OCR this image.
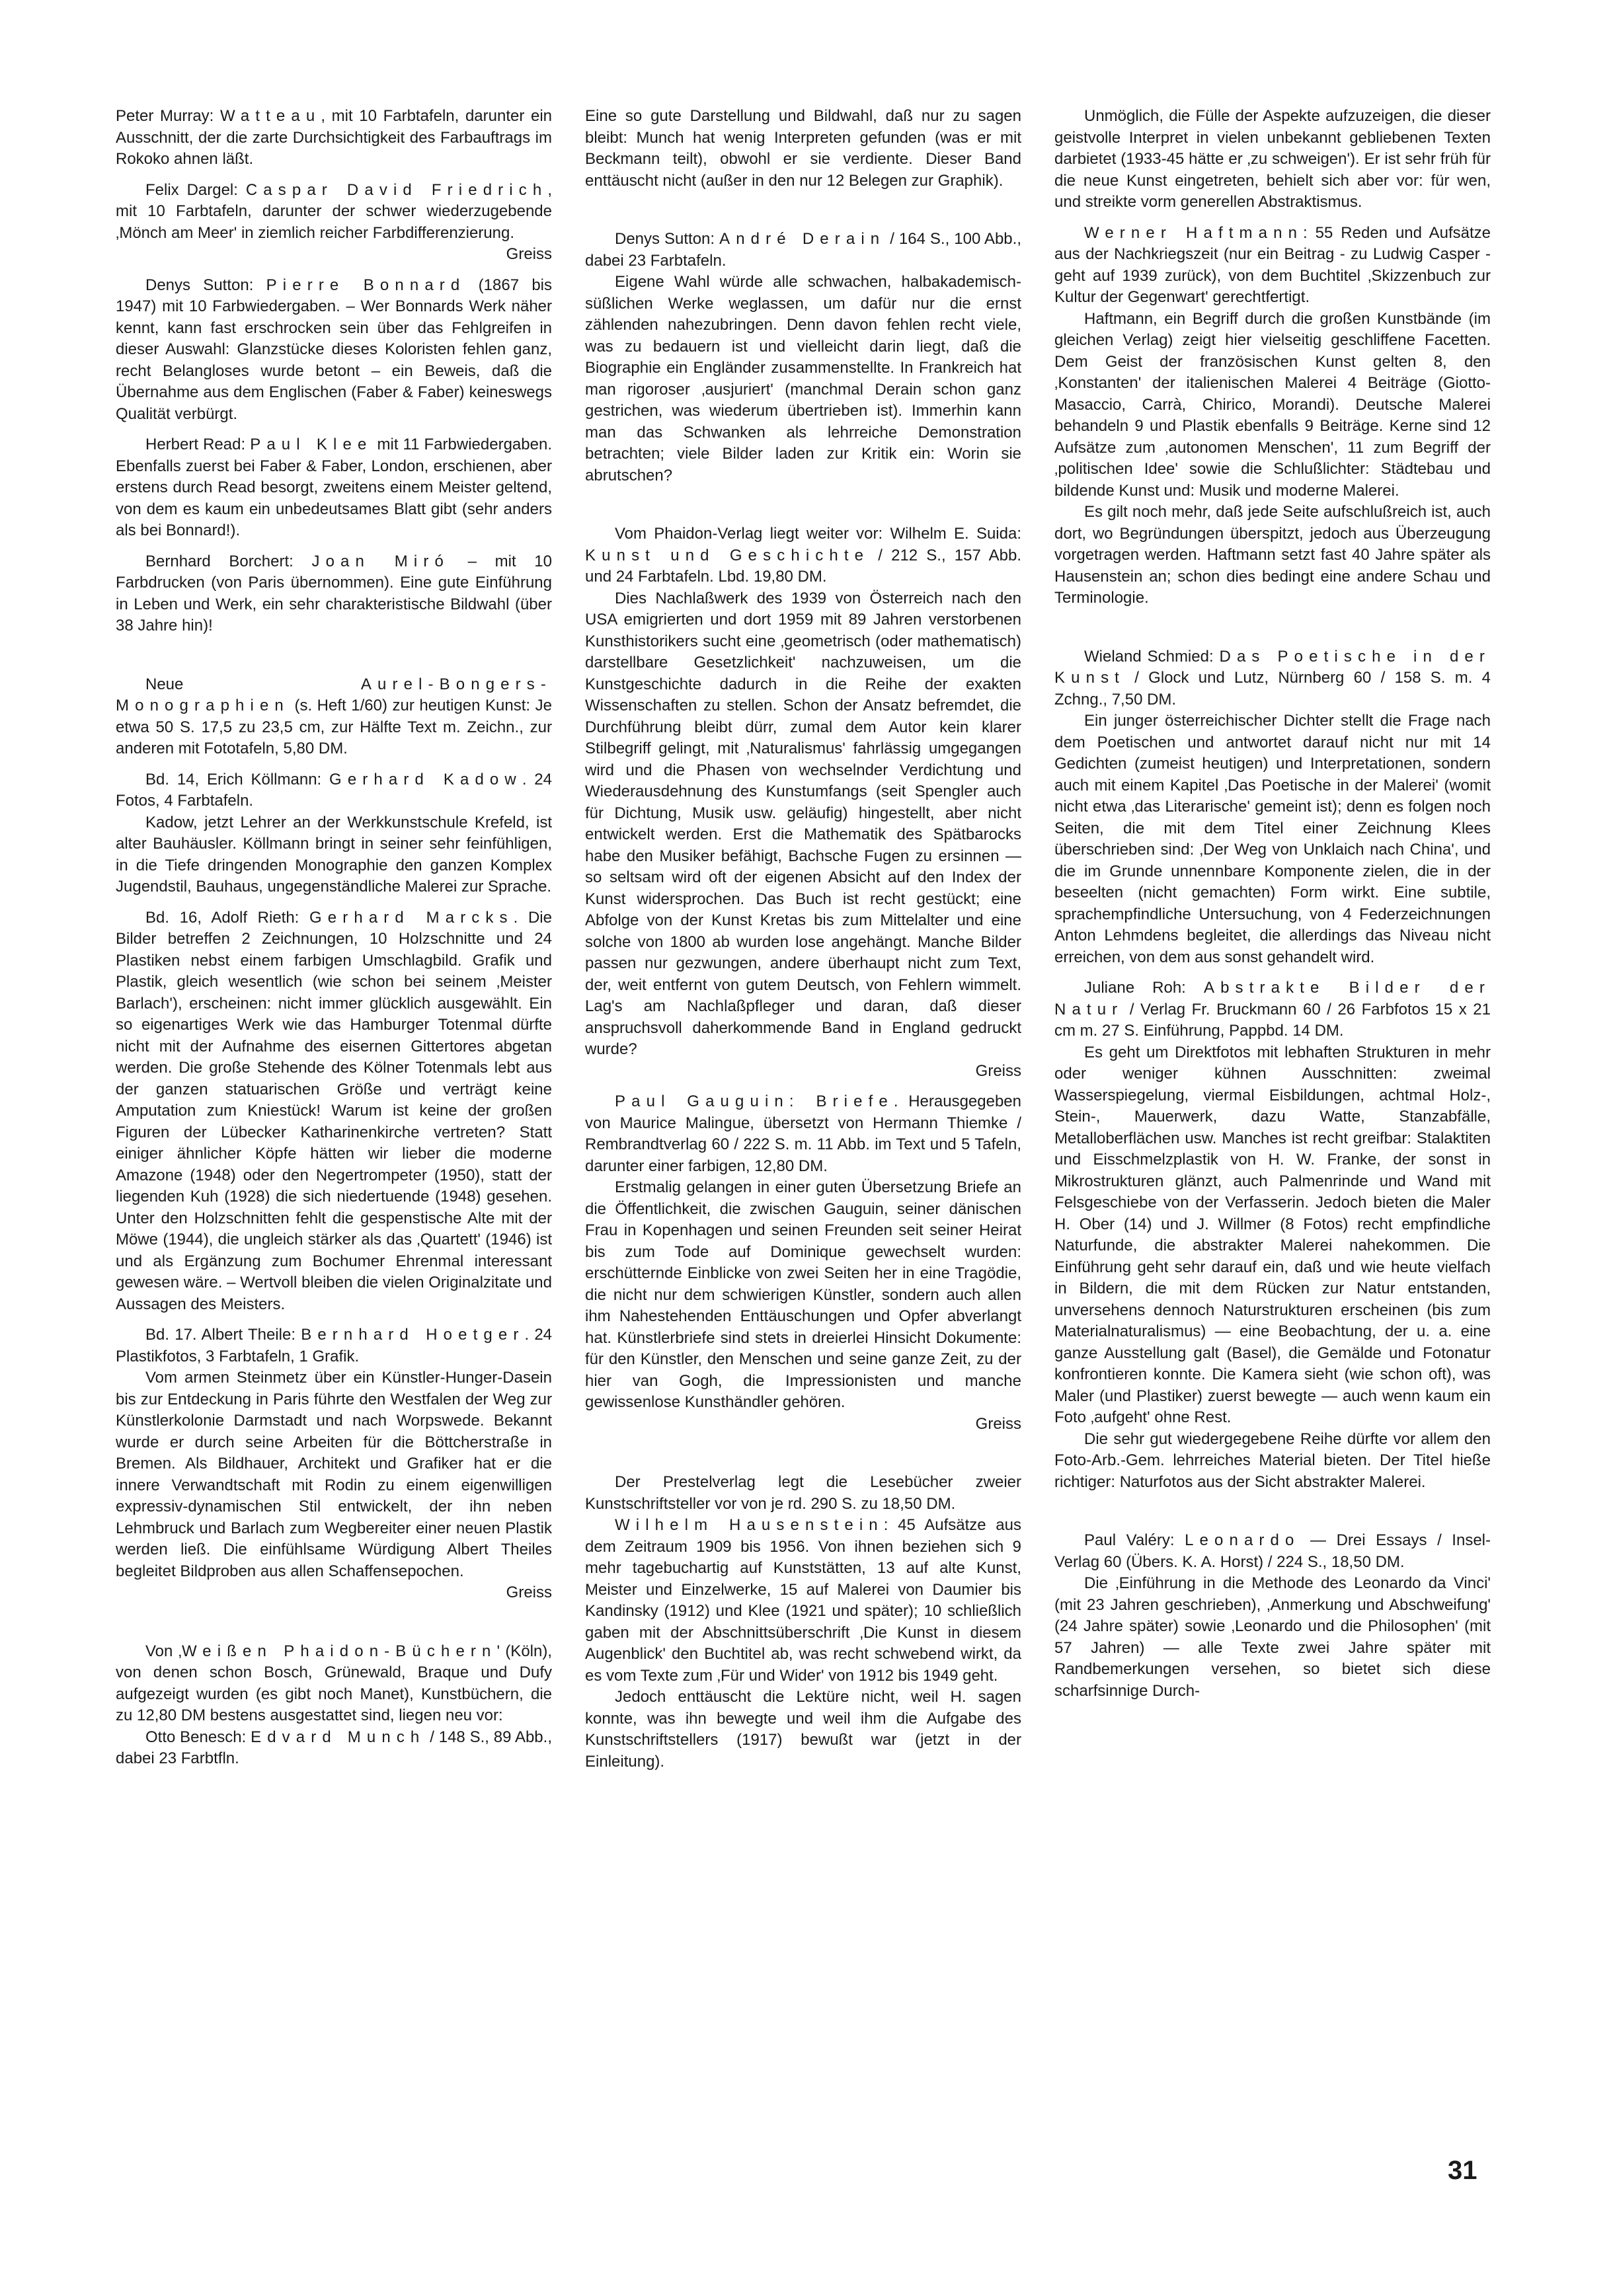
Peter Murray: Watteau, mit 10 Farbtafeln, darunter ein Ausschnitt, der die zarte Durchsichtigkeit des Farbauftrags im Rokoko ahnen läßt.

Felix Dargel: Caspar David Friedrich, mit 10 Farbtafeln, darunter der schwer wiederzugebende ‚Mönch am Meer' in ziemlich reicher Farbdifferenzierung.

Greiss

Denys Sutton: Pierre Bonnard (1867 bis 1947) mit 10 Farbwiedergaben. – Wer Bonnards Werk näher kennt, kann fast erschrocken sein über das Fehlgreifen in dieser Auswahl: Glanzstücke dieses Koloristen fehlen ganz, recht Belangloses wurde betont – ein Beweis, daß die Übernahme aus dem Englischen (Faber & Faber) keineswegs Qualität verbürgt.

Herbert Read: Paul Klee mit 11 Farbwiedergaben. Ebenfalls zuerst bei Faber & Faber, London, erschienen, aber erstens durch Read besorgt, zweitens einem Meister geltend, von dem es kaum ein unbedeutsames Blatt gibt (sehr anders als bei Bonnard!).

Bernhard Borchert: Joan Miró – mit 10 Farbdrucken (von Paris übernommen). Eine gute Einführung in Leben und Werk, ein sehr charakteristische Bildwahl (über 38 Jahre hin)!

Neue Aurel-Bongers-Monographien (s. Heft 1/60) zur heutigen Kunst: Je etwa 50 S. 17,5 zu 23,5 cm, zur Hälfte Text m. Zeichn., zur anderen mit Fototafeln, 5,80 DM.

Bd. 14, Erich Köllmann: Gerhard Kadow. 24 Fotos, 4 Farbtafeln.

Kadow, jetzt Lehrer an der Werkkunstschule Krefeld, ist alter Bauhäusler. Köllmann bringt in seiner sehr feinfühligen, in die Tiefe dringenden Monographie den ganzen Komplex Jugendstil, Bauhaus, ungegenständliche Malerei zur Sprache.

Bd. 16, Adolf Rieth: Gerhard Marcks. Die Bilder betreffen 2 Zeichnungen, 10 Holzschnitte und 24 Plastiken nebst einem farbigen Umschlagbild. Grafik und Plastik, gleich wesentlich (wie schon bei seinem ‚Meister Barlach'), erscheinen: nicht immer glücklich ausgewählt. Ein so eigenartiges Werk wie das Hamburger Totenmal dürfte nicht mit der Aufnahme des eisernen Gittertores abgetan werden. Die große Stehende des Kölner Totenmals lebt aus der ganzen statuarischen Größe und verträgt keine Amputation zum Kniestück! Warum ist keine der großen Figuren der Lübecker Katharinenkirche vertreten? Statt einiger ähnlicher Köpfe hätten wir lieber die moderne Amazone (1948) oder den Negertrompeter (1950), statt der liegenden Kuh (1928) die sich niedertuende (1948) gesehen. Unter den Holzschnitten fehlt die gespenstische Alte mit der Möwe (1944), die ungleich stärker als das ‚Quartett' (1946) ist und als Ergänzung zum Bochumer Ehrenmal interessant gewesen wäre. – Wertvoll bleiben die vielen Originalzitate und Aussagen des Meisters.

Bd. 17. Albert Theile: Bernhard Hoetger. 24 Plastikfotos, 3 Farbtafeln, 1 Grafik.

Vom armen Steinmetz über ein Künstler-Hunger-Dasein bis zur Entdeckung in Paris führte den Westfalen der Weg zur Künstlerkolonie Darmstadt und nach Worpswede. Bekannt wurde er durch seine Arbeiten für die Böttcherstraße in Bremen. Als Bildhauer, Architekt und Grafiker hat er die innere Verwandtschaft mit Rodin zu einem eigenwilligen expressiv-dynamischen Stil entwickelt, der ihn neben Lehmbruck und Barlach zum Wegbereiter einer neuen Plastik werden ließ. Die einfühlsame Würdigung Albert Theiles begleitet Bildproben aus allen Schaffensepochen.

Greiss

Von ‚Weißen Phaidon-Büchern' (Köln), von denen schon Bosch, Grünewald, Braque und Dufy aufgezeigt wurden (es gibt noch Manet), Kunstbüchern, die zu 12,80 DM bestens ausgestattet sind, liegen neu vor:

Otto Benesch: Edvard Munch / 148 S., 89 Abb., dabei 23 Farbtfln.

Eine so gute Darstellung und Bildwahl, daß nur zu sagen bleibt: Munch hat wenig Interpreten gefunden (was er mit Beckmann teilt), obwohl er sie verdiente. Dieser Band enttäuscht nicht (außer in den nur 12 Belegen zur Graphik).

Denys Sutton: André Derain / 164 S., 100 Abb., dabei 23 Farbtafeln.

Eigene Wahl würde alle schwachen, halbakademisch-süßlichen Werke weglassen, um dafür nur die ernst zählenden nahezubringen. Denn davon fehlen recht viele, was zu bedauern ist und vielleicht darin liegt, daß die Biographie ein Engländer zusammenstellte. In Frankreich hat man rigoroser ‚ausjuriert' (manchmal Derain schon ganz gestrichen, was wiederum übertrieben ist). Immerhin kann man das Schwanken als lehrreiche Demonstration betrachten; viele Bilder laden zur Kritik ein: Worin sie abrutschen?

Vom Phaidon-Verlag liegt weiter vor: Wilhelm E. Suida: Kunst und Geschichte / 212 S., 157 Abb. und 24 Farbtafeln. Lbd. 19,80 DM.

Dies Nachlaßwerk des 1939 von Österreich nach den USA emigrierten und dort 1959 mit 89 Jahren verstorbenen Kunsthistorikers sucht eine ‚geometrisch (oder mathematisch) darstellbare Gesetzlichkeit' nachzuweisen, um die Kunstgeschichte dadurch in die Reihe der exakten Wissenschaften zu stellen. Schon der Ansatz befremdet, die Durchführung bleibt dürr, zumal dem Autor kein klarer Stilbegriff gelingt, mit ‚Naturalismus' fahrlässig umgegangen wird und die Phasen von wechselnder Verdichtung und Wiederausdehnung des Kunstumfangs (seit Spengler auch für Dichtung, Musik usw. geläufig) hingestellt, aber nicht entwickelt werden. Erst die Mathematik des Spätbarocks habe den Musiker befähigt, Bachsche Fugen zu ersinnen — so seltsam wird oft der eigenen Absicht auf den Index der Kunst widersprochen. Das Buch ist recht gestückt; eine Abfolge von der Kunst Kretas bis zum Mittelalter und eine solche von 1800 ab wurden lose angehängt. Manche Bilder passen nur gezwungen, andere überhaupt nicht zum Text, der, weit entfernt von gutem Deutsch, von Fehlern wimmelt. Lag's am Nachlaßpfleger und daran, daß dieser anspruchsvoll daherkommende Band in England gedruckt wurde?

Greiss

Paul Gauguin: Briefe. Herausgegeben von Maurice Malingue, übersetzt von Hermann Thiemke / Rembrandtverlag 60 / 222 S. m. 11 Abb. im Text und 5 Tafeln, darunter einer farbigen, 12,80 DM.

Erstmalig gelangen in einer guten Übersetzung Briefe an die Öffentlichkeit, die zwischen Gauguin, seiner dänischen Frau in Kopenhagen und seinen Freunden seit seiner Heirat bis zum Tode auf Dominique gewechselt wurden: erschütternde Einblicke von zwei Seiten her in eine Tragödie, die nicht nur dem schwierigen Künstler, sondern auch allen ihm Nahestehenden Enttäuschungen und Opfer abverlangt hat. Künstlerbriefe sind stets in dreierlei Hinsicht Dokumente: für den Künstler, den Menschen und seine ganze Zeit, zu der hier van Gogh, die Impressionisten und manche gewissenlose Kunsthändler gehören.

Greiss

Der Prestelverlag legt die Lesebücher zweier Kunstschriftsteller vor von je rd. 290 S. zu 18,50 DM.

Wilhelm Hausenstein: 45 Aufsätze aus dem Zeitraum 1909 bis 1956. Von ihnen beziehen sich 9 mehr tagebuchartig auf Kunststätten, 13 auf alte Kunst, Meister und Einzelwerke, 15 auf Malerei von Daumier bis Kandinsky (1912) und Klee (1921 und später); 10 schließlich gaben mit der Abschnittsüberschrift ‚Die Kunst in diesem Augenblick' den Buchtitel ab, was recht schwebend wirkt, da es vom Texte zum ‚Für und Wider' von 1912 bis 1949 geht.

Jedoch enttäuscht die Lektüre nicht, weil H. sagen konnte, was ihn bewegte und weil ihm die Aufgabe des Kunstschriftstellers (1917) bewußt war (jetzt in der Einleitung).

Unmöglich, die Fülle der Aspekte aufzuzeigen, die dieser geistvolle Interpret in vielen unbekannt gebliebenen Texten darbietet (1933-45 hätte er ‚zu schweigen'). Er ist sehr früh für die neue Kunst eingetreten, behielt sich aber vor: für wen, und streikte vorm generellen Abstraktismus.

Werner Haftmann: 55 Reden und Aufsätze aus der Nachkriegszeit (nur ein Beitrag - zu Ludwig Casper - geht auf 1939 zurück), von dem Buchtitel ‚Skizzenbuch zur Kultur der Gegenwart' gerechtfertigt.

Haftmann, ein Begriff durch die großen Kunstbände (im gleichen Verlag) zeigt hier vielseitig geschliffene Facetten. Dem Geist der französischen Kunst gelten 8, den ‚Konstanten' der italienischen Malerei 4 Beiträge (Giotto-Masaccio, Carrà, Chirico, Morandi). Deutsche Malerei behandeln 9 und Plastik ebenfalls 9 Beiträge. Kerne sind 12 Aufsätze zum ‚autonomen Menschen', 11 zum Begriff der ‚politischen Idee' sowie die Schlußlichter: Städtebau und bildende Kunst und: Musik und moderne Malerei.

Es gilt noch mehr, daß jede Seite aufschlußreich ist, auch dort, wo Begründungen überspitzt, jedoch aus Überzeugung vorgetragen werden. Haftmann setzt fast 40 Jahre später als Hausenstein an; schon dies bedingt eine andere Schau und Terminologie.

Wieland Schmied: Das Poetische in der Kunst / Glock und Lutz, Nürnberg 60 / 158 S. m. 4 Zchng., 7,50 DM.

Ein junger österreichischer Dichter stellt die Frage nach dem Poetischen und antwortet darauf nicht nur mit 14 Gedichten (zumeist heutigen) und Interpretationen, sondern auch mit einem Kapitel ‚Das Poetische in der Malerei' (womit nicht etwa ‚das Literarische' gemeint ist); denn es folgen noch Seiten, die mit dem Titel einer Zeichnung Klees überschrieben sind: ‚Der Weg von Unklaich nach China', und die im Grunde unnennbare Komponente zielen, die in der beseelten (nicht gemachten) Form wirkt. Eine subtile, sprachempfindliche Untersuchung, von 4 Federzeichnungen Anton Lehmdens begleitet, die allerdings das Niveau nicht erreichen, von dem aus sonst gehandelt wird.

Juliane Roh: Abstrakte Bilder der Natur / Verlag Fr. Bruckmann 60 / 26 Farbfotos 15 x 21 cm m. 27 S. Einführung, Pappbd. 14 DM.

Es geht um Direktfotos mit lebhaften Strukturen in mehr oder weniger kühnen Ausschnitten: zweimal Wasserspiegelung, viermal Eisbildungen, achtmal Holz-, Stein-, Mauerwerk, dazu Watte, Stanzabfälle, Metalloberflächen usw. Manches ist recht greifbar: Stalaktiten und Eisschmelzplastik von H. W. Franke, der sonst in Mikrostrukturen glänzt, auch Palmenrinde und Wand mit Felsgeschiebe von der Verfasserin. Jedoch bieten die Maler H. Ober (14) und J. Willmer (8 Fotos) recht empfindliche Naturfunde, die abstrakter Malerei nahekommen. Die Einführung geht sehr darauf ein, daß und wie heute vielfach in Bildern, die mit dem Rücken zur Natur entstanden, unversehens dennoch Naturstrukturen erscheinen (bis zum Materialnaturalismus) — eine Beobachtung, der u. a. eine ganze Ausstellung galt (Basel), die Gemälde und Fotonatur konfrontieren konnte. Die Kamera sieht (wie schon oft), was Maler (und Plastiker) zuerst bewegte — auch wenn kaum ein Foto ‚aufgeht' ohne Rest.

Die sehr gut wiedergegebene Reihe dürfte vor allem den Foto-Arb.-Gem. lehrreiches Material bieten. Der Titel hieße richtiger: Naturfotos aus der Sicht abstrakter Malerei.

Paul Valéry: Leonardo — Drei Essays / Insel-Verlag 60 (Übers. K. A. Horst) / 224 S., 18,50 DM.

Die ‚Einführung in die Methode des Leonardo da Vinci' (mit 23 Jahren geschrieben), ‚Anmerkung und Abschweifung' (24 Jahre später) sowie ‚Leonardo und die Philosophen' (mit 57 Jahren) — alle Texte zwei Jahre später mit Randbemerkungen versehen, so bietet sich diese scharfsinnige Durch-

31
